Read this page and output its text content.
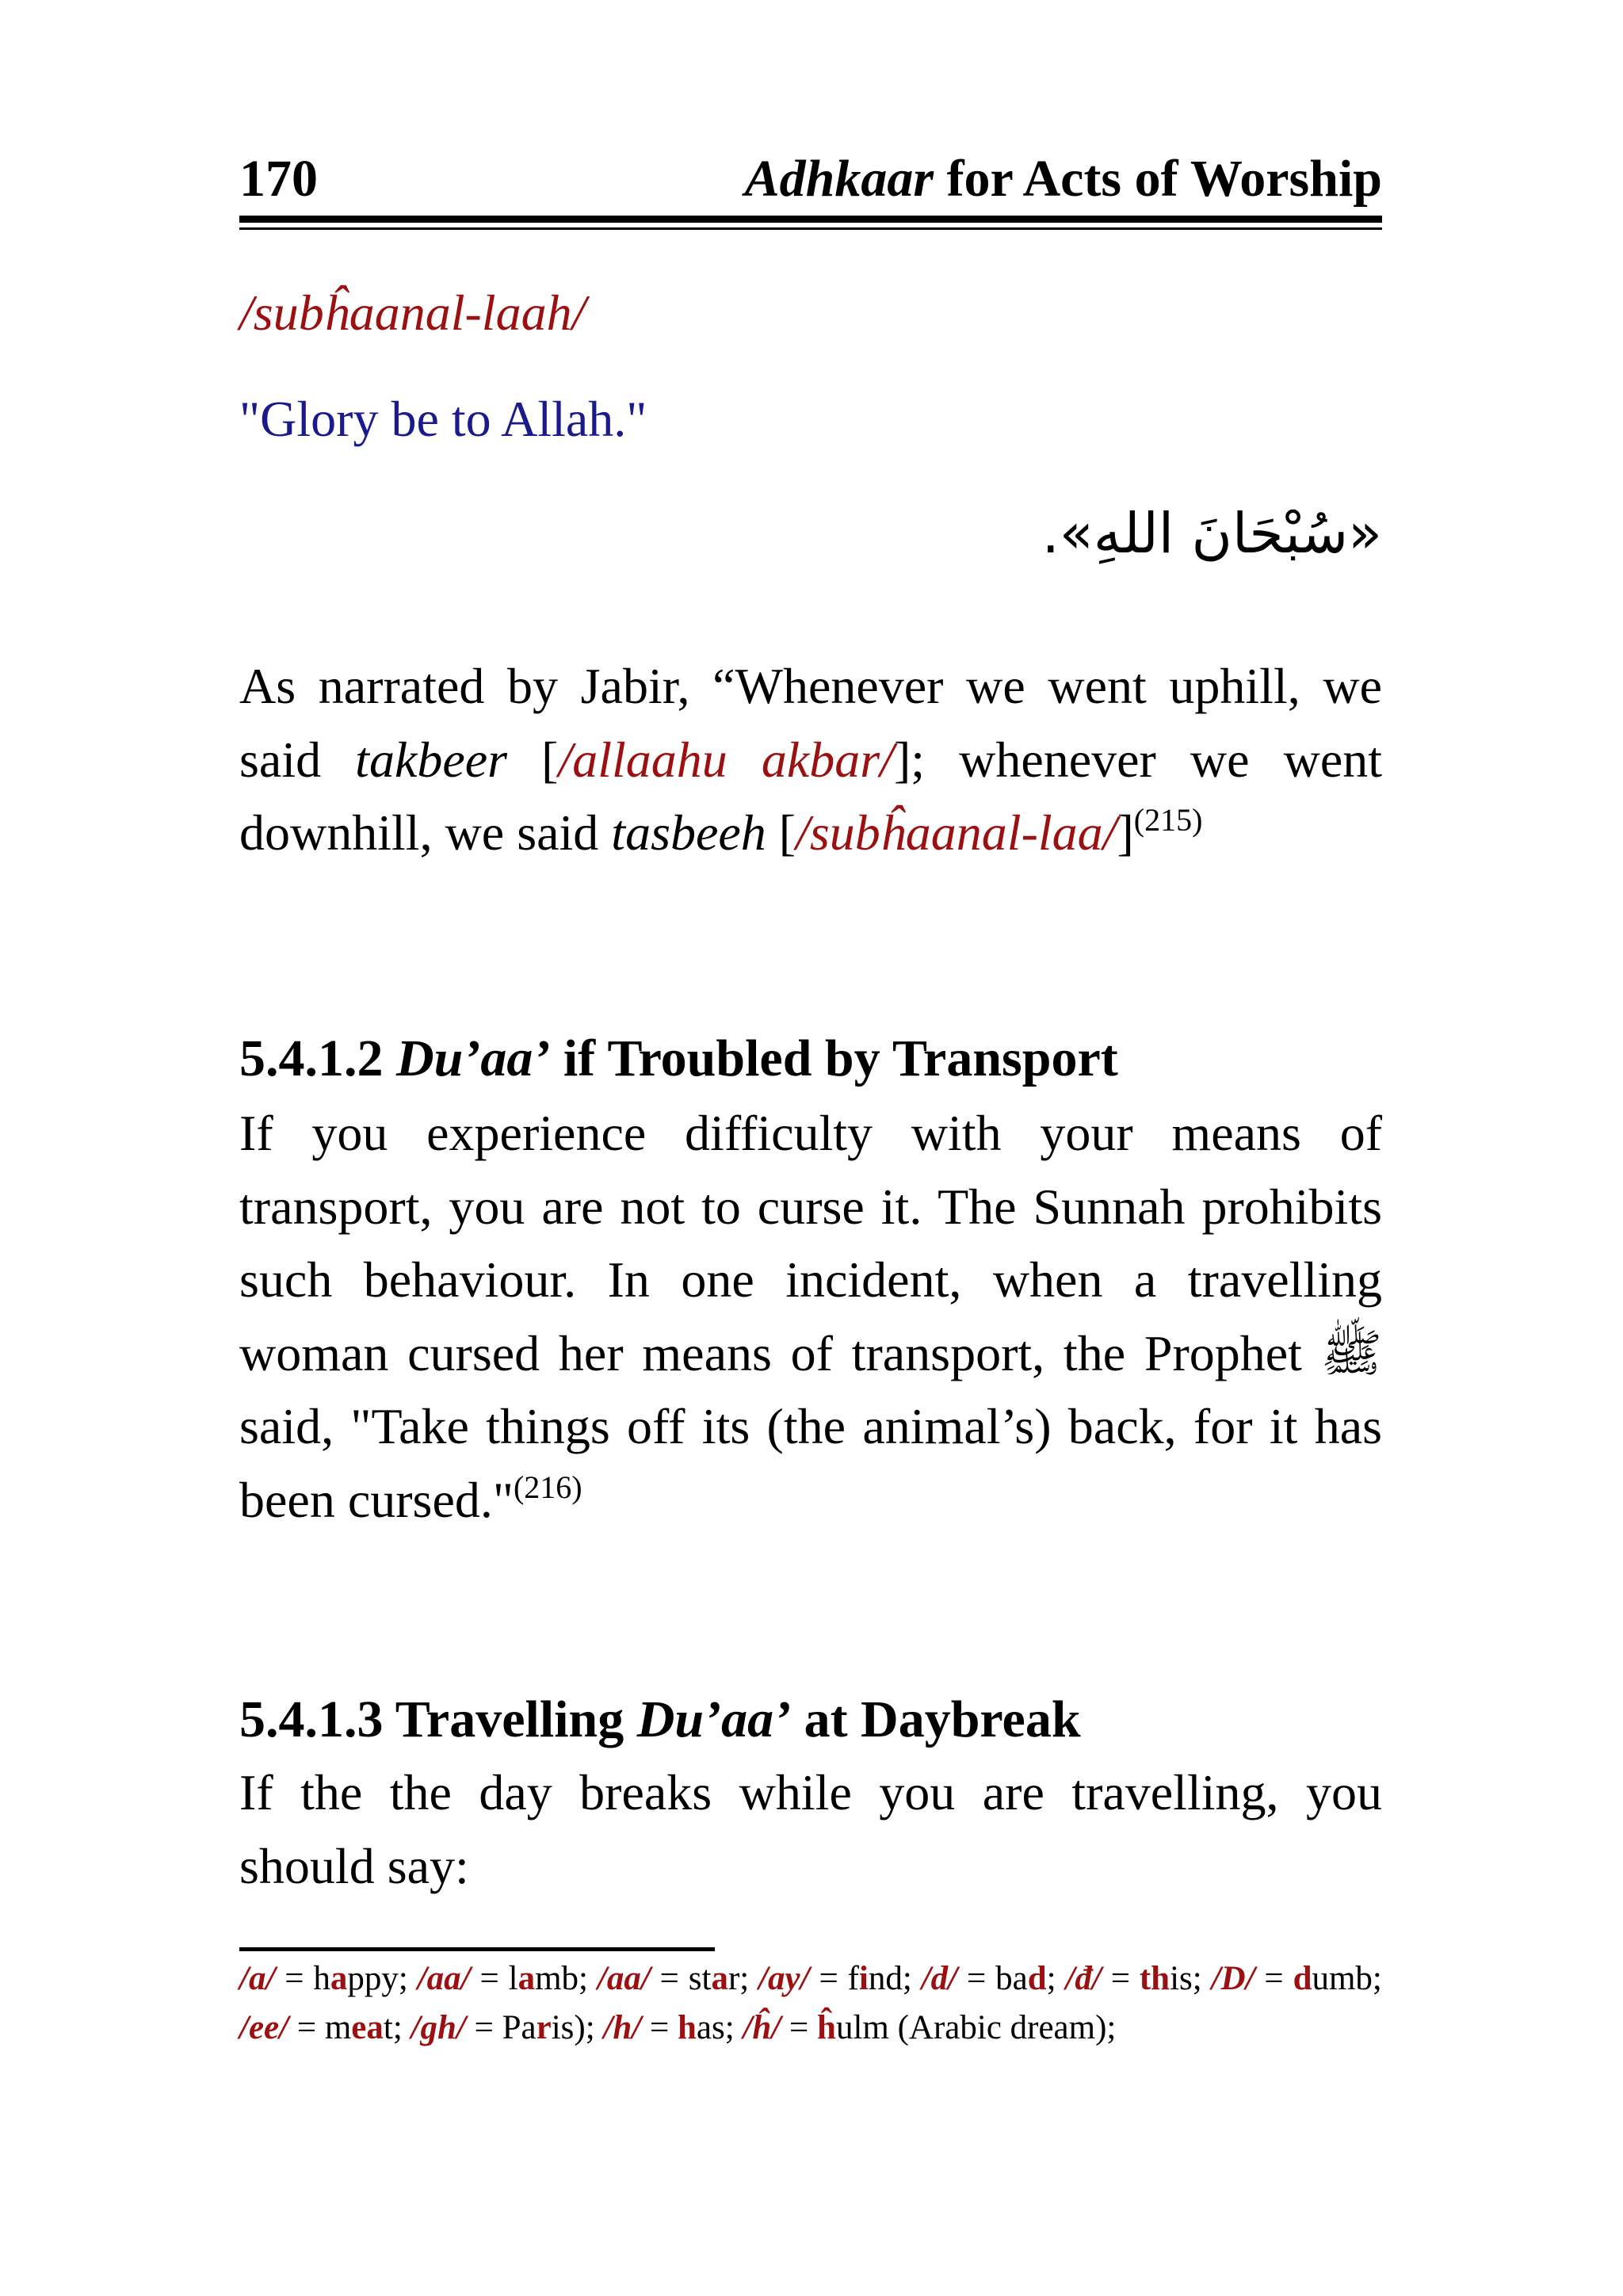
170	Adhkaar for Acts of Worship
/subĥaanal-laah/
"Glory be to Allah."
«سُبْحَانَ اللهِ».
As narrated by Jabir, “Whenever we went uphill, we said takbeer [/allaahu akbar/]; whenever we went downhill, we said tasbeeh [/subĥaanal-laa/]$^{(215)}$
5.4.1.2 Du’aa’ if Troubled by Transport
If you experience difficulty with your means of transport, you are not to curse it. The Sunnah prohibits such behaviour. In one incident, when a travelling woman cursed her means of transport, the Prophet ﷺ said, "Take things off its (the animal’s) back, for it has been cursed."$^{(216)}$
5.4.1.3 Travelling Du’aa’ at Daybreak
If the the day breaks while you are travelling, you should say:
/a/ = happy; /aa/ = lamb; /aa/ = star; /ay/ = find; /d/ = bad; /đ/ = this; /D/ = dumb; /ee/ = meat; /gh/ = Paris); /h/ = has; /ĥ/ = ĥulm (Arabic dream);
